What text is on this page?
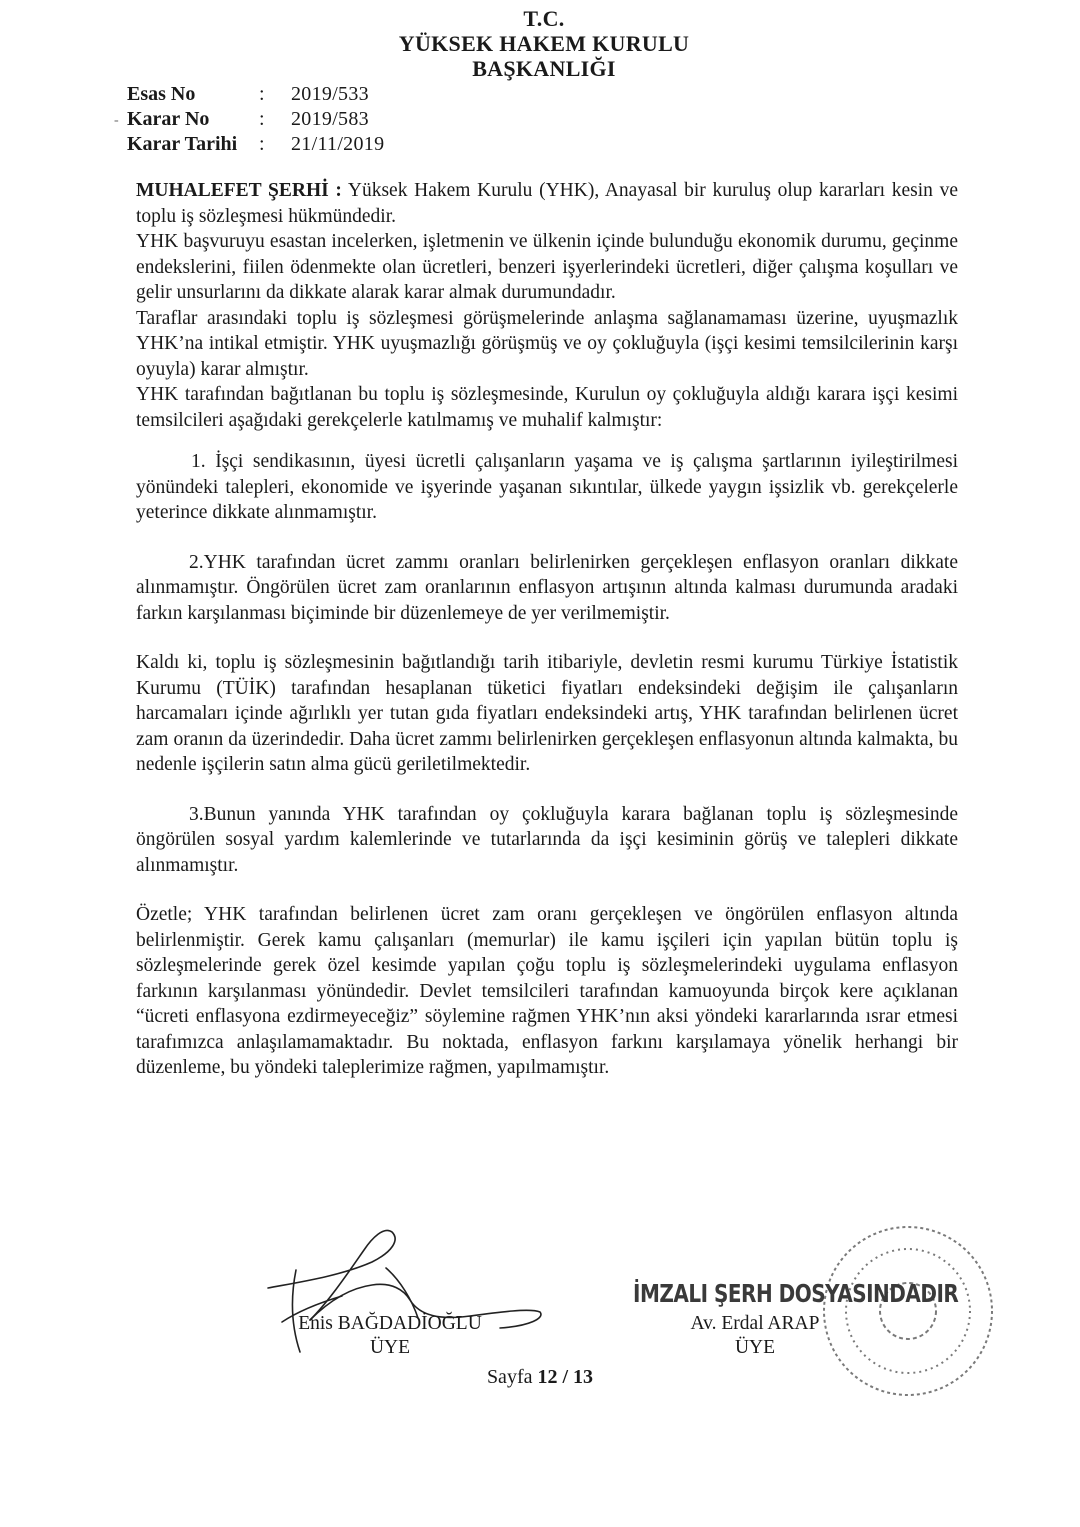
T.C.
YÜKSEK HAKEM KURULU
BAŞKANLIĞI
-
Esas No	:	2019/533
Karar No	:	2019/583
Karar Tarihi	:	21/11/2019

MUHALEFET ŞERHİ : Yüksek Hakem Kurulu (YHK), Anayasal bir kuruluş olup kararları kesin ve toplu iş sözleşmesi hükmündedir.

YHK başvuruyu esastan incelerken, işletmenin ve ülkenin içinde bulunduğu ekonomik durumu, geçinme endekslerini, fiilen ödenmekte olan ücretleri, benzeri işyerlerindeki ücretleri, diğer çalışma koşulları ve gelir unsurlarını da dikkate alarak karar almak durumundadır.

Taraflar arasındaki toplu iş sözleşmesi görüşmelerinde anlaşma sağlanamaması üzerine, uyuşmazlık YHK’na intikal etmiştir. YHK uyuşmazlığı görüşmüş ve oy çokluğuyla (işçi kesimi temsilcilerinin karşı oyuyla) karar almıştır.

YHK tarafından bağıtlanan bu toplu iş sözleşmesinde, Kurulun oy çokluğuyla aldığı karara işçi kesimi temsilcileri aşağıdaki gerekçelerle katılmamış ve muhalif kalmıştır:

1. İşçi sendikasının, üyesi ücretli çalışanların yaşama ve iş çalışma şartlarının iyileştirilmesi yönündeki talepleri, ekonomide ve işyerinde yaşanan sıkıntılar, ülkede yaygın işsizlik vb. gerekçelerle yeterince dikkate alınmamıştır.

2.YHK tarafından ücret zammı oranları belirlenirken gerçekleşen enflasyon oranları dikkate alınmamıştır. Öngörülen ücret zam oranlarının enflasyon artışının altında kalması durumunda aradaki farkın karşılanması biçiminde bir düzenlemeye de yer verilmemiştir.

Kaldı ki, toplu iş sözleşmesinin bağıtlandığı tarih itibariyle, devletin resmi kurumu Türkiye İstatistik Kurumu (TÜİK) tarafından hesaplanan tüketici fiyatları endeksindeki değişim ile çalışanların harcamaları içinde ağırlıklı yer tutan gıda fiyatları endeksindeki artış, YHK tarafından belirlenen ücret zam oranın da üzerindedir. Daha ücret zammı belirlenirken gerçekleşen enflasyonun altında kalmakta, bu nedenle işçilerin satın alma gücü geriletilmektedir.

3.Bunun yanında YHK tarafından oy çokluğuyla karara bağlanan toplu iş sözleşmesinde öngörülen sosyal yardım kalemlerinde ve tutarlarında da işçi kesiminin görüş ve talepleri dikkate alınmamıştır.

Özetle; YHK tarafından belirlenen ücret zam oranı gerçekleşen ve öngörülen enflasyon altında belirlenmiştir. Gerek kamu çalışanları (memurlar) ile kamu işçileri için yapılan bütün toplu iş sözleşmelerinde gerek özel kesimde yapılan çoğu toplu iş sözleşmelerindeki uygulama enflasyon farkının karşılanması yönündedir. Devlet temsilcileri tarafından kamuoyunda birçok kere açıklanan “ücreti enflasyona ezdirmeyeceğiz” söylemine rağmen YHK’nın aksi yöndeki kararlarında ısrar etmesi tarafımızca anlaşılamamaktadır. Bu noktada, enflasyon farkını karşılamaya yönelik herhangi bir düzenleme, bu yöndeki taleplerimize rağmen, yapılmamıştır.

İMZALI ŞERH DOSYASINDADIR
Enis BAĞDADİOĞLU
ÜYE
Av. Erdal ARAP
ÜYE
Sayfa 12 / 13
